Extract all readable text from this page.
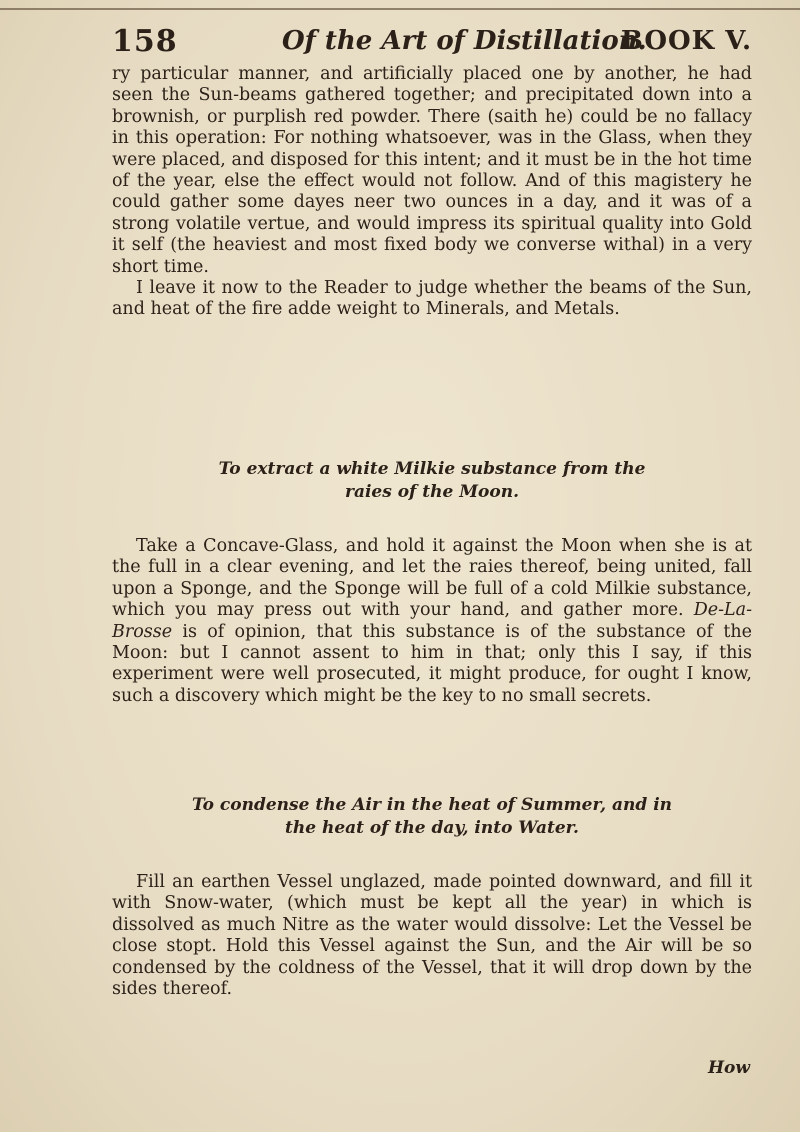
158	Of the Art of Distillation.
BOOK V.

ry particular manner, and artificially placed one by another, he had seen the Sun-beams gathered together; and precipitated down into a brownish, or purplish red powder. There (saith he) could be no fallacy in this operation: For nothing whatsoever, was in the Glass, when they were placed, and disposed for this intent; and it must be in the hot time of the year, else the effect would not follow. And of this magistery he could gather some dayes neer two ounces in a day, and it was of a strong volatile vertue, and would impress its spiritual quality into Gold it self (the heaviest and most fixed body we converse withal) in a very short time.

I leave it now to the Reader to judge whether the beams of the Sun, and heat of the fire adde weight to Minerals, and Metals.

To extract a white Milkie substance from the
raies of the Moon.

Take a Concave-Glass, and hold it against the Moon when she is at the full in a clear evening, and let the raies thereof, being united, fall upon a Sponge, and the Sponge will be full of a cold Milkie substance, which you may press out with your hand, and gather more. De-La-Brosse is of opinion, that this substance is of the substance of the Moon: but I cannot assent to him in that; only this I say, if this experiment were well prosecuted, it might produce, for ought I know, such a discovery which might be the key to no small secrets.

To condense the Air in the heat of Summer, and in
the heat of the day, into Water.

Fill an earthen Vessel unglazed, made pointed downward, and fill it with Snow-water, (which must be kept all the year) in which is dissolved as much Nitre as the water would dissolve: Let the Vessel be close stopt. Hold this Vessel against the Sun, and the Air will be so condensed by the coldness of the Vessel, that it will drop down by the sides thereof.

How
